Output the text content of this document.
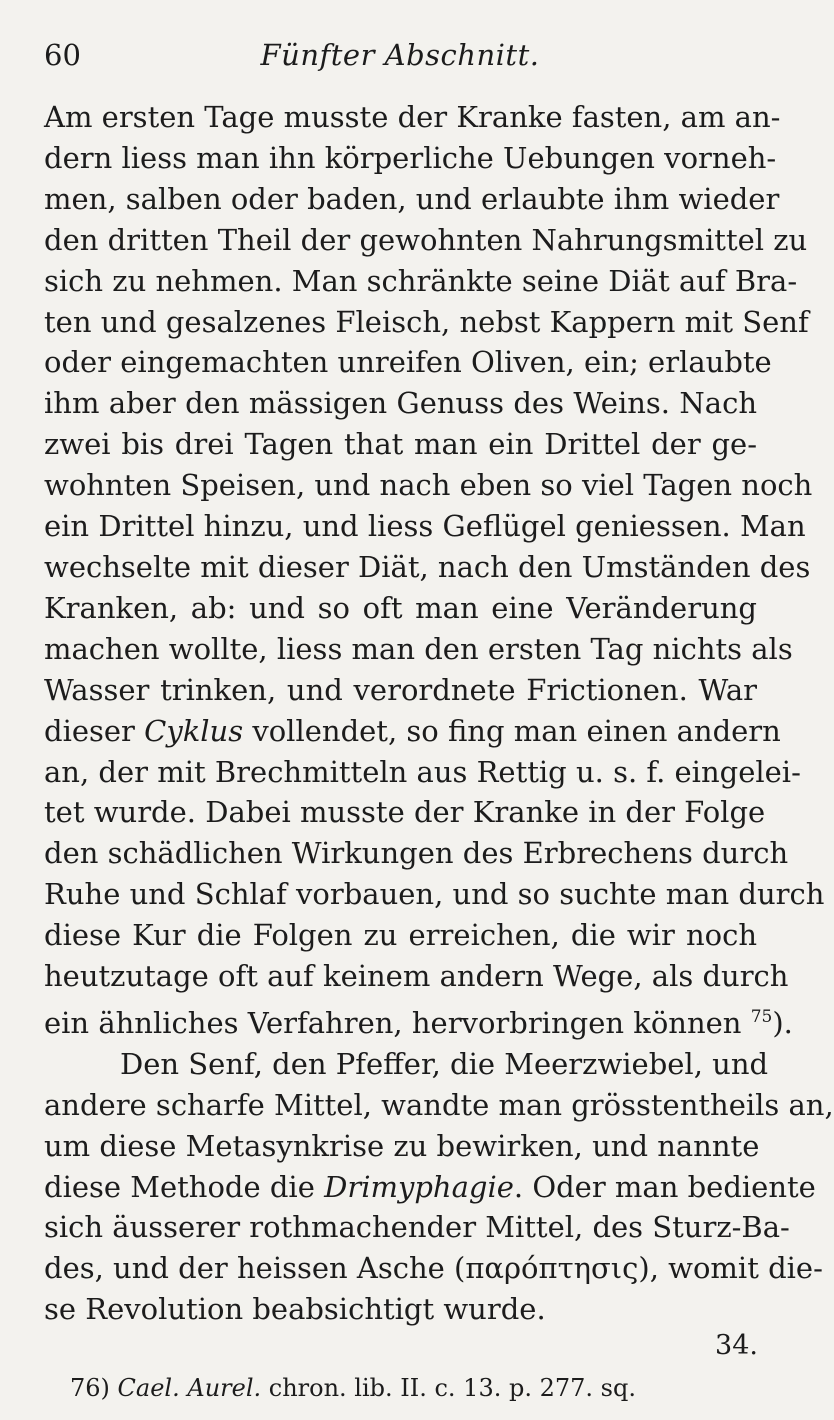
60	Fünfter Abschnitt.
Am ersten Tage musste der Kranke fasten, am an-
dern liess man ihn körperliche Uebungen vorneh-
men, salben oder baden, und erlaubte ihm wieder
den dritten Theil der gewohnten Nahrungsmittel zu
sich zu nehmen. Man schränkte seine Diät auf Bra-
ten und gesalzenes Fleisch, nebst Kappern mit Senf
oder eingemachten unreifen Oliven, ein; erlaubte
ihm aber den mässigen Genuss des Weins. Nach
zwei bis drei Tagen that man ein Drittel der ge-
wohnten Speisen, und nach eben so viel Tagen noch
ein Drittel hinzu, und liess Geflügel geniessen. Man
wechselte mit dieser Diät, nach den Umständen des
Kranken, ab: und so oft man eine Veränderung
machen wollte, liess man den ersten Tag nichts als
Wasser trinken, und verordnete Frictionen. War
dieser Cyklus vollendet, so fing man einen andern
an, der mit Brechmitteln aus Rettig u. s. f. eingelei-
tet wurde. Dabei musste der Kranke in der Folge
den schädlichen Wirkungen des Erbrechens durch
Ruhe und Schlaf vorbauen, und so suchte man durch
diese Kur die Folgen zu erreichen, die wir noch
heutzutage oft auf keinem andern Wege, als durch
ein ähnliches Verfahren, hervorbringen können $^{75}$).
Den Senf, den Pfeffer, die Meerzwiebel, und
andere scharfe Mittel, wandte man grösstentheils an,
um diese Metasynkrise zu bewirken, und nannte
diese Methode die Drimyphagie. Oder man bediente
sich äusserer rothmachender Mittel, des Sturz-Ba-
des, und der heissen Asche (παρόπτησις), womit die-
se Revolution beabsichtigt wurde.
34.
76) Cael. Aurel. chron. lib. II. c. 13. p. 277. sq.
